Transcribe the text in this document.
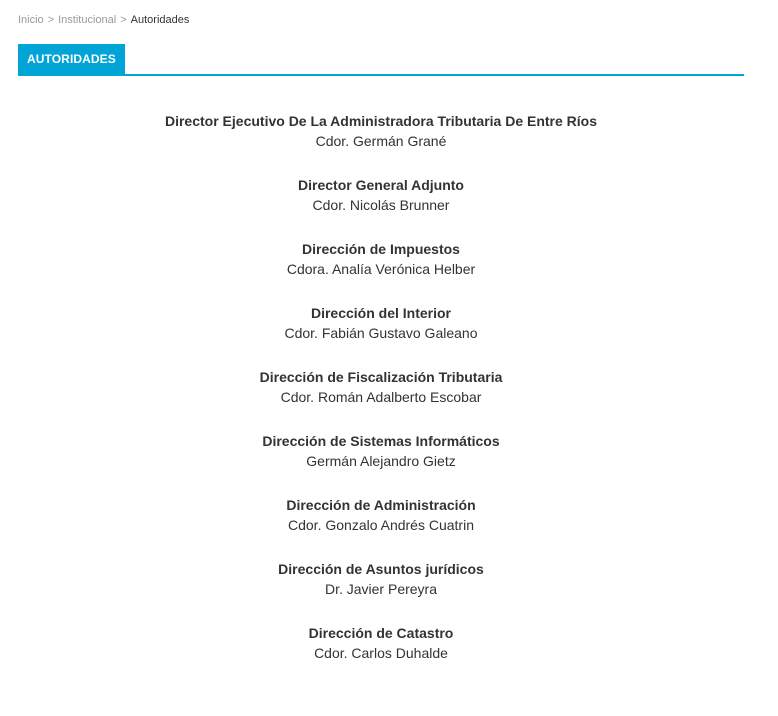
Inicio > Institucional > Autoridades
AUTORIDADES
Director Ejecutivo De La Administradora Tributaria De Entre Ríos
Cdor. Germán Grané
Director General Adjunto
Cdor. Nicolás Brunner
Dirección de Impuestos
Cdora. Analía Verónica Helber
Dirección del Interior
Cdor. Fabián Gustavo Galeano
Dirección de Fiscalización Tributaria
Cdor. Román Adalberto Escobar
Dirección de Sistemas Informáticos
Germán Alejandro Gietz
Dirección de Administración
Cdor. Gonzalo Andrés Cuatrin
Dirección de Asuntos jurídicos
Dr. Javier Pereyra
Dirección de Catastro
Cdor. Carlos Duhalde
